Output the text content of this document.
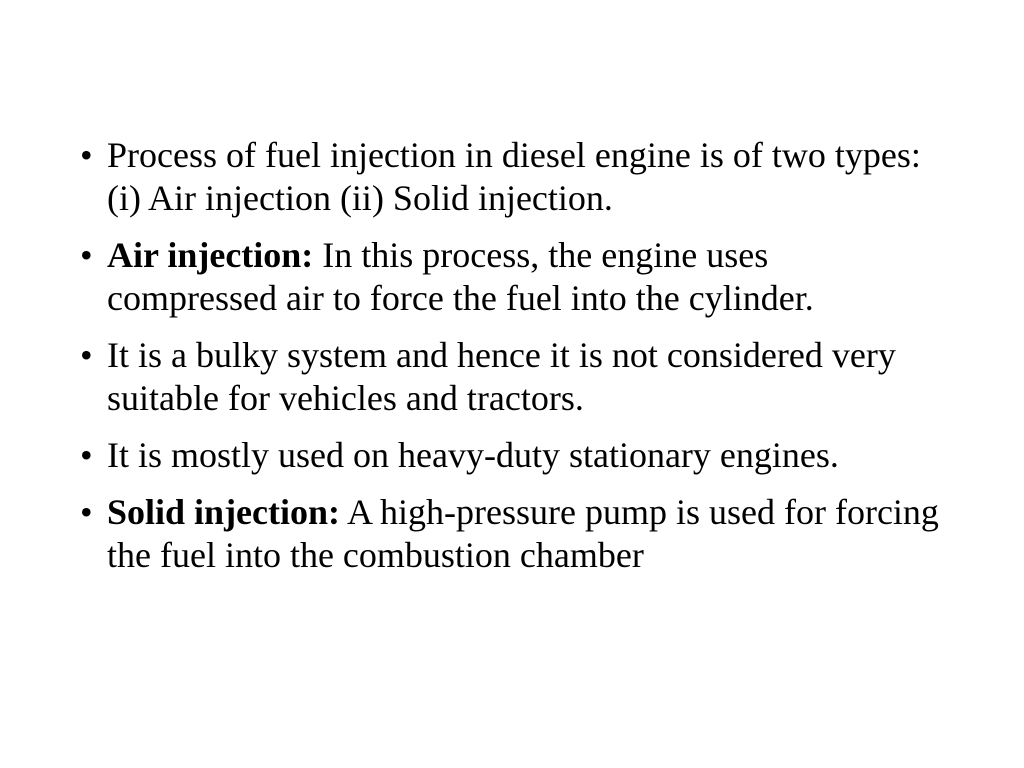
• Process of fuel injection in diesel engine is of two types: (i) Air injection (ii) Solid injection.
• Air injection: In this process, the engine uses compressed air to force the fuel into the cylinder.
• It is a bulky system and hence it is not considered very suitable for vehicles and tractors.
• It is mostly used on heavy-duty stationary engines.
• Solid injection: A high-pressure pump is used for forcing the fuel into the combustion chamber
